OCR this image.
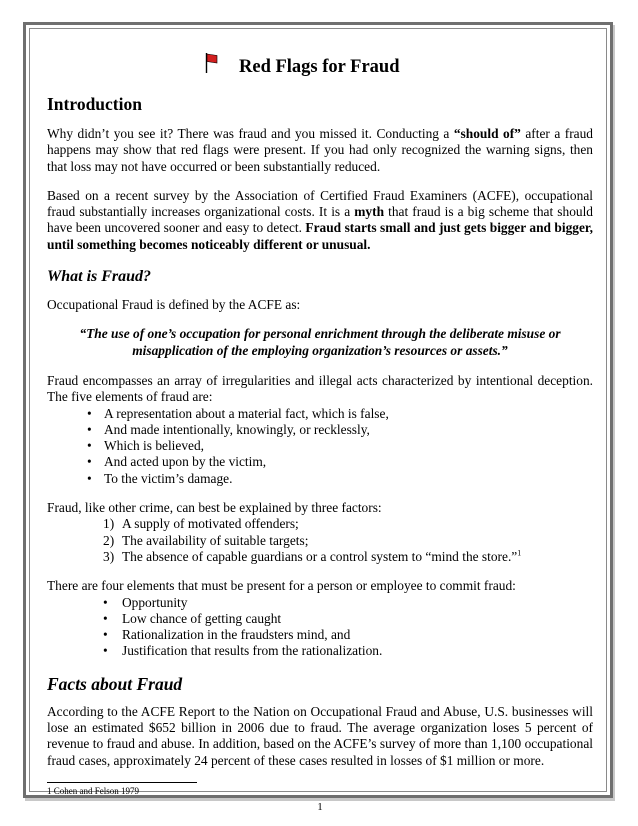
Red Flags for Fraud
Introduction

Why didn’t you see it? There was fraud and you missed it. Conducting a “should of” after a fraud happens may show that red flags were present. If you had only recognized the warning signs, then that loss may not have occurred or been substantially reduced.

Based on a recent survey by the Association of Certified Fraud Examiners (ACFE), occupational fraud substantially increases organizational costs. It is a myth that fraud is a big scheme that should have been uncovered sooner and easy to detect. Fraud starts small and just gets bigger and bigger, until something becomes noticeably different or unusual.

What is Fraud?

Occupational Fraud is defined by the ACFE as:

“The use of one’s occupation for personal enrichment through the deliberate misuse or misapplication of the employing organization’s resources or assets.”

Fraud encompasses an array of irregularities and illegal acts characterized by intentional deception. The five elements of fraud are:

• A representation about a material fact, which is false,
• And made intentionally, knowingly, or recklessly,
• Which is believed,
• And acted upon by the victim,
• To the victim’s damage.

Fraud, like other crime, can best be explained by three factors:

1) A supply of motivated offenders;
2) The availability of suitable targets;
3) The absence of capable guardians or a control system to “mind the store.”$^1$

There are four elements that must be present for a person or employee to commit fraud:

• Opportunity
• Low chance of getting caught
• Rationalization in the fraudsters mind, and
• Justification that results from the rationalization.
Facts about Fraud

According to the ACFE Report to the Nation on Occupational Fraud and Abuse, U.S. businesses will lose an estimated $652 billion in 2006 due to fraud. The average organization loses 5 percent of revenue to fraud and abuse. In addition, based on the ACFE’s survey of more than 1,100 occupational fraud cases, approximately 24 percent of these cases resulted in losses of $1 million or more.

1 Cohen and Felson 1979
1
